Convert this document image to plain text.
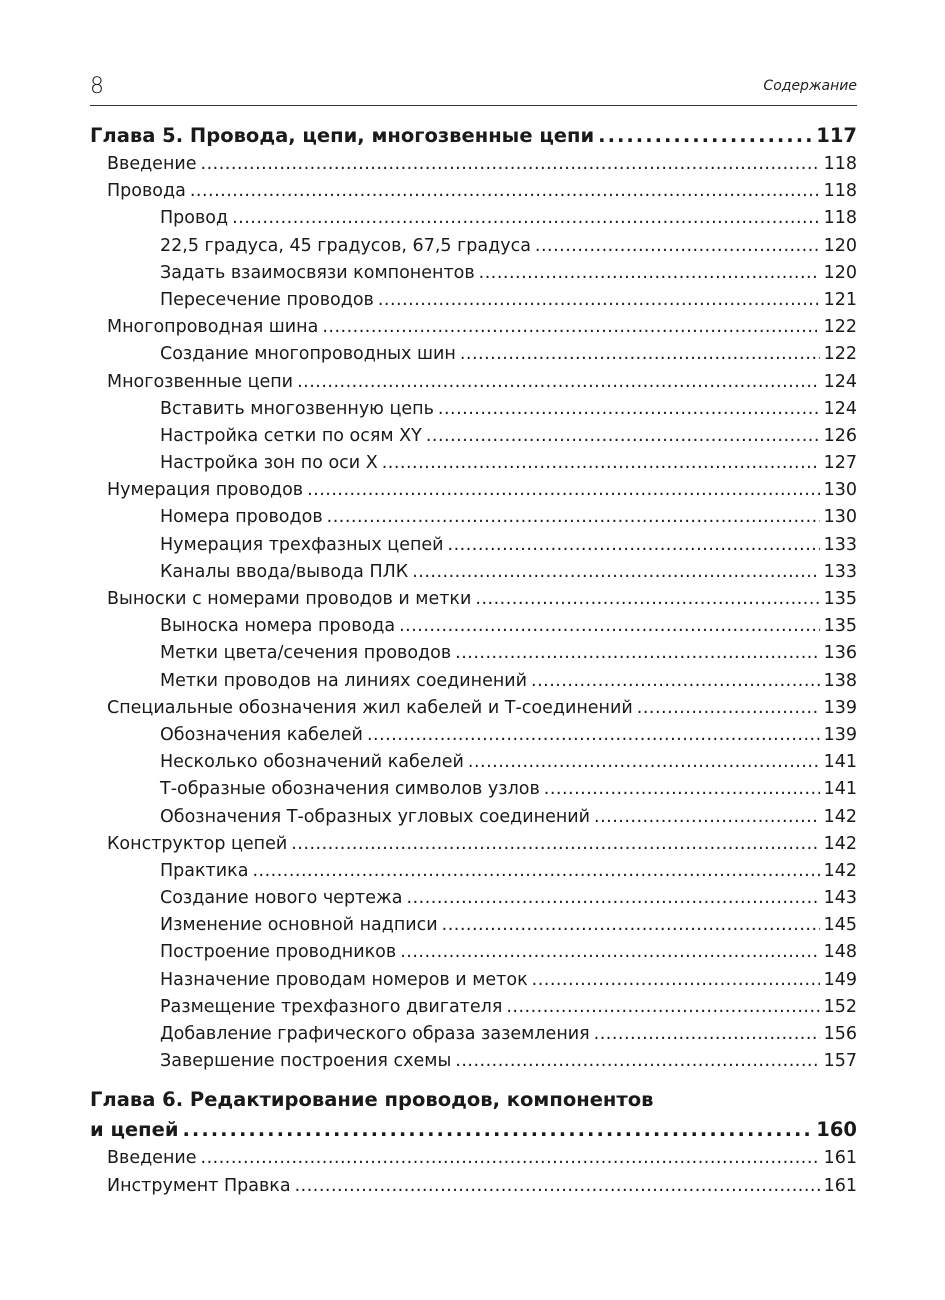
8	Содержание
Глава 5. Провода, цепи, многозвенные цепи .....	117
Введение .....	118
Провода .....	118
Провод .....	118
22,5 градуса, 45 градусов, 67,5 градуса .....	120
Задать взаимосвязи компонентов .....	120
Пересечение проводов .....	121
Многопроводная шина .....	122
Создание многопроводных шин .....	122
Многозвенные цепи .....	124
Вставить многозвенную цепь .....	124
Настройка сетки по осям XY .....	126
Настройка зон по оси X .....	127
Нумерация проводов .....	130
Номера проводов .....	130
Нумерация трехфазных цепей .....	133
Каналы ввода/вывода ПЛК .....	133
Выноски с номерами проводов и метки .....	135
Выноска номера провода .....	135
Метки цвета/сечения проводов .....	136
Метки проводов на линиях соединений .....	138
Специальные обозначения жил кабелей и Т-соединений .....	139
Обозначения кабелей .....	139
Несколько обозначений кабелей .....	141
Т-образные обозначения символов узлов .....	141
Обозначения Т-образных угловых соединений .....	142
Конструктор цепей .....	142
Практика .....	142
Создание нового чертежа .....	143
Изменение основной надписи .....	145
Построение проводников .....	148
Назначение проводам номеров и меток .....	149
Размещение трехфазного двигателя .....	152
Добавление графического образа заземления .....	156
Завершение построения схемы .....	157
Глава 6. Редактирование проводов, компонентов
и цепей .....	160
Введение .....	161
Инструмент Правка .....	161
